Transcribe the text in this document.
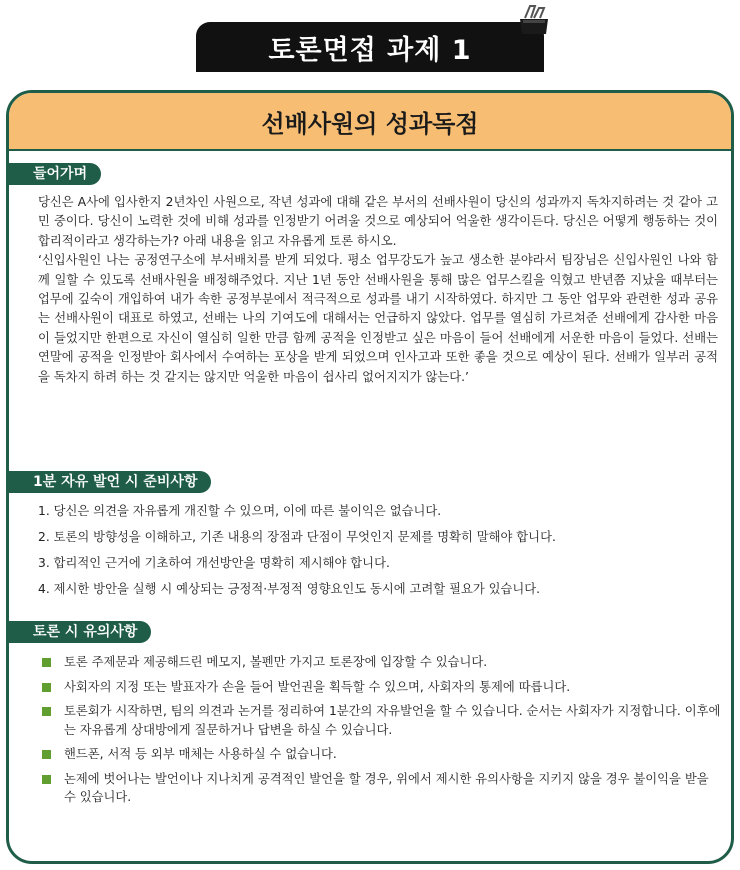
토론면접 과제 1
선배사원의 성과독점
들어가며

당신은 A사에 입사한지 2년차인 사원으로, 작년 성과에 대해 같은 부서의 선배사원이 당신의 성과까지 독차지하려는 것 같아 고민 중이다. 당신이 노력한 것에 비해 성과를 인정받기 어려울 것으로 예상되어 억울한 생각이든다. 당신은 어떻게 행동하는 것이 합리적이라고 생각하는가? 아래 내용을 읽고 자유롭게 토론 하시오.

‘신입사원인 나는 공정연구소에 부서배치를 받게 되었다. 평소 업무강도가 높고 생소한 분야라서 팀장님은 신입사원인 나와 함께 일할 수 있도록 선배사원을 배정해주었다. 지난 1년 동안 선배사원을 통해 많은 업무스킬을 익혔고 반년쯤 지났을 때부터는 업무에 깊숙이 개입하여 내가 속한 공정부분에서 적극적으로 성과를 내기 시작하였다. 하지만 그 동안 업무와 관련한 성과 공유는 선배사원이 대표로 하였고, 선배는 나의 기여도에 대해서는 언급하지 않았다. 업무를 열심히 가르쳐준 선배에게 감사한 마음이 들었지만 한편으로 자신이 열심히 일한 만큼 함께 공적을 인정받고 싶은 마음이 들어 선배에게 서운한 마음이 들었다. 선배는 연말에 공적을 인정받아 회사에서 수여하는 포상을 받게 되었으며 인사고과 또한 좋을 것으로 예상이 된다. 선배가 일부러 공적을 독차지 하려 하는 것 같지는 않지만 억울한 마음이 쉽사리 없어지지가 않는다.’

1분 자유 발언 시 준비사항
1. 당신은 의견을 자유롭게 개진할 수 있으며, 이에 따른 불이익은 없습니다.
2. 토론의 방향성을 이해하고, 기존 내용의 장점과 단점이 무엇인지 문제를 명확히 말해야 합니다.
3. 합리적인 근거에 기초하여 개선방안을 명확히 제시해야 합니다.
4. 제시한 방안을 실행 시 예상되는 긍정적·부정적 영향요인도 동시에 고려할 필요가 있습니다.
토론 시 유의사항
토론 주제문과 제공해드린 메모지, 볼펜만 가지고 토론장에 입장할 수 있습니다.
사회자의 지정 또는 발표자가 손을 들어 발언권을 획득할 수 있으며, 사회자의 통제에 따릅니다.
토론회가 시작하면, 팀의 의견과 논거를 정리하여 1분간의 자유발언을 할 수 있습니다. 순서는 사회자가 지정합니다. 이후에는 자유롭게 상대방에게 질문하거나 답변을 하실 수 있습니다.
핸드폰, 서적 등 외부 매체는 사용하실 수 없습니다.
논제에 벗어나는 발언이나 지나치게 공격적인 발언을 할 경우, 위에서 제시한 유의사항을 지키지 않을 경우 불이익을 받을 수 있습니다.
